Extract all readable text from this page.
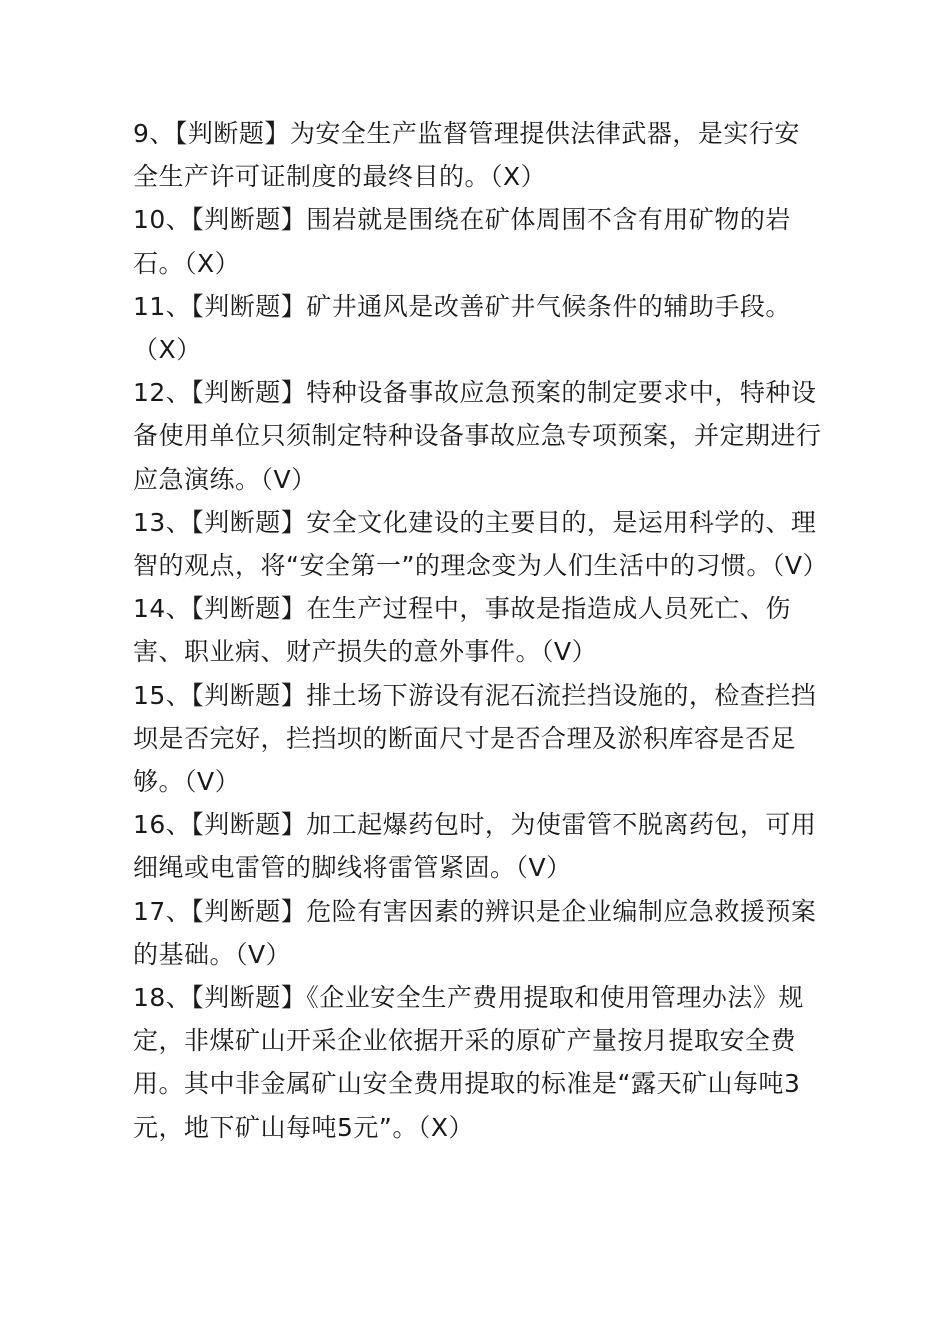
9、【判断题】为安全生产监督管理提供法律武器，是实行安全生产许可证制度的最终目的。（X）

10、【判断题】围岩就是围绕在矿体周围不含有用矿物的岩石。（X）

11、【判断题】矿井通风是改善矿井气候条件的辅助手段。（X）

12、【判断题】特种设备事故应急预案的制定要求中，特种设备使用单位只须制定特种设备事故应急专项预案，并定期进行应急演练。（V）

13、【判断题】安全文化建设的主要目的，是运用科学的、理智的观点，将“安全第一”的理念变为人们生活中的习惯。（V）

14、【判断题】在生产过程中，事故是指造成人员死亡、伤害、职业病、财产损失的意外事件。（V）

15、【判断题】排土场下游设有泥石流拦挡设施的，检查拦挡坝是否完好，拦挡坝的断面尺寸是否合理及淤积库容是否足够。（V）

16、【判断题】加工起爆药包时，为使雷管不脱离药包，可用细绳或电雷管的脚线将雷管紧固。（V）

17、【判断题】危险有害因素的辨识是企业编制应急救援预案的基础。（V）

18、【判断题】《企业安全生产费用提取和使用管理办法》规定，非煤矿山开采企业依据开采的原矿产量按月提取安全费用。其中非金属矿山安全费用提取的标准是“露天矿山每吨3元，地下矿山每吨5元”。（X）
